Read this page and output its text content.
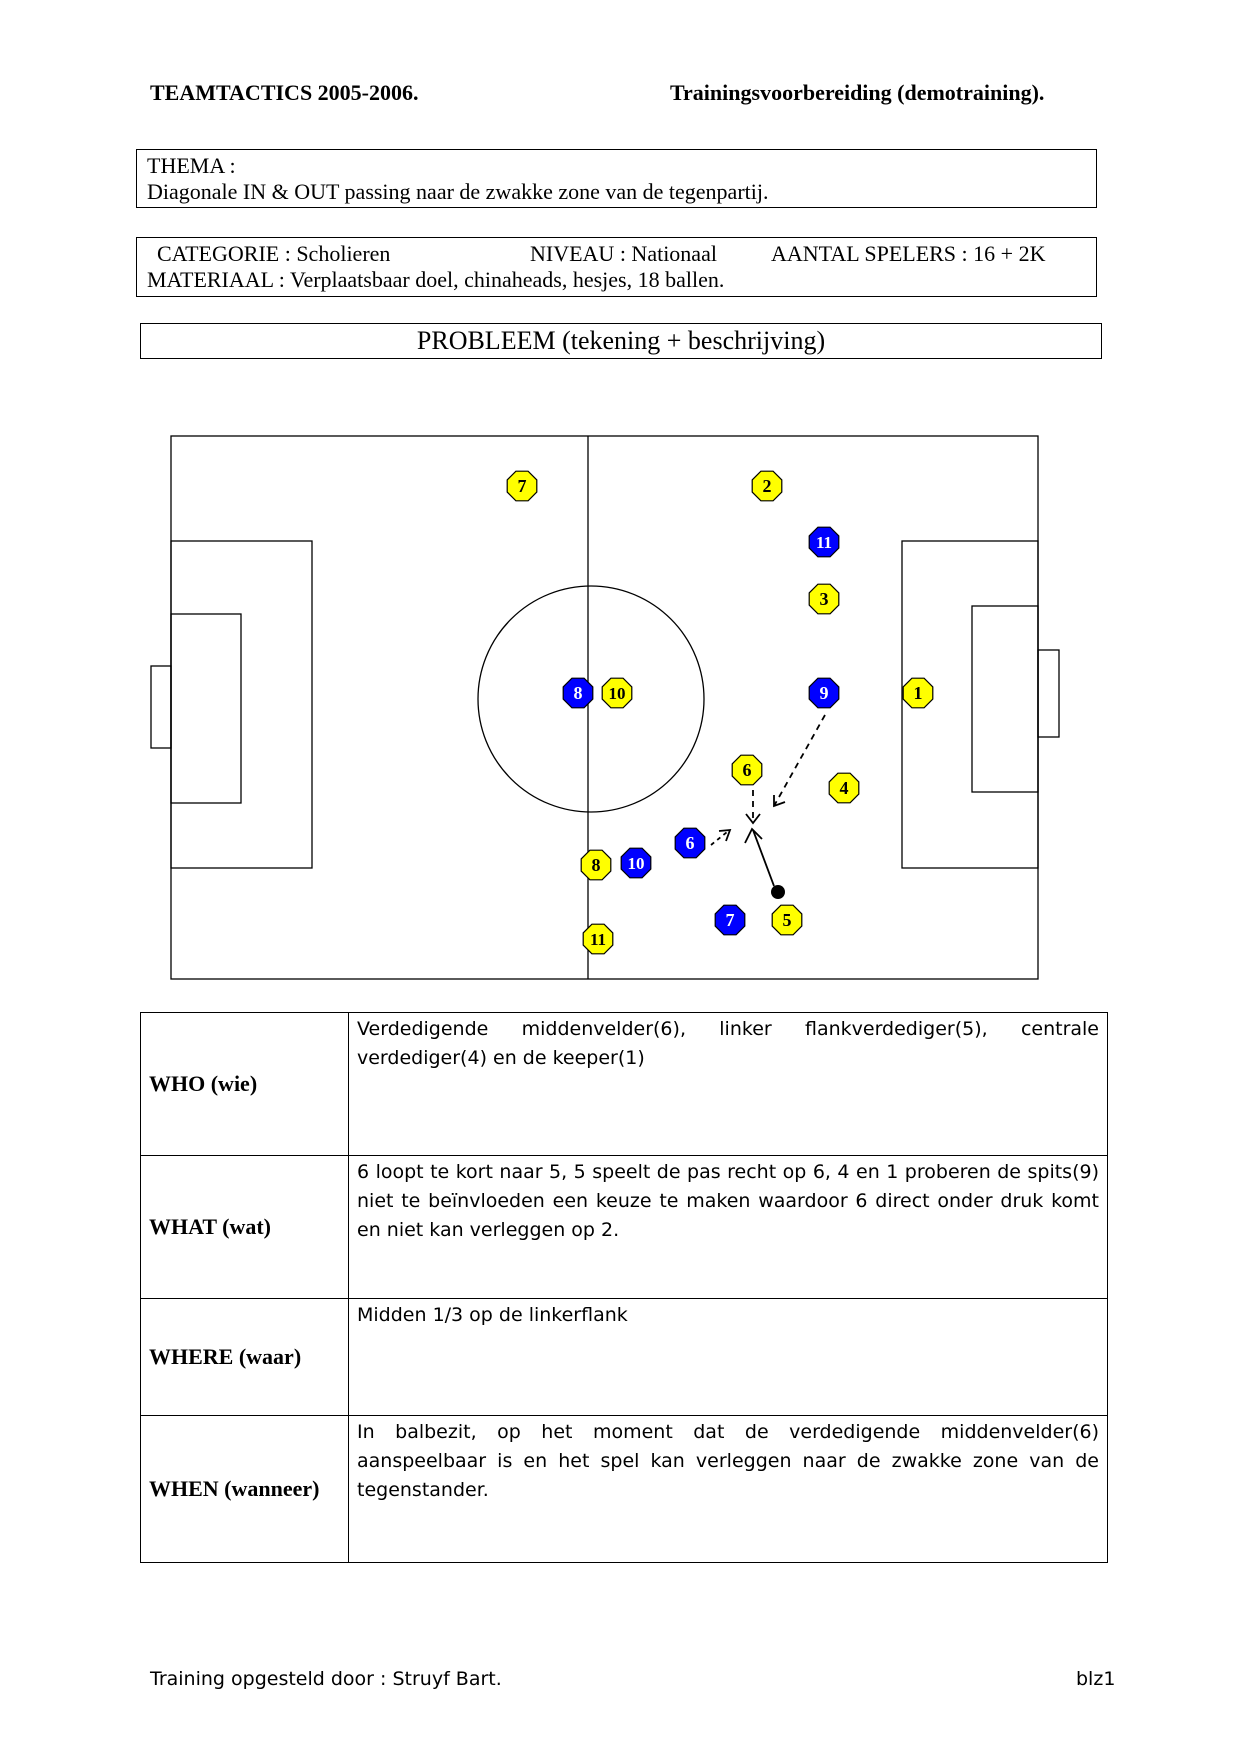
TEAMTACTICS 2005-2006.	Trainingsvoorbereiding (demotraining).
THEMA :
Diagonale IN & OUT passing naar de zwakke zone van de tegenpartij.
CATEGORIE : Scholieren	NIVEAU : Nationaal AANTAL SPELERS : 16 + 2K
MATERIAAL : Verplaatsbaar doel, chinaheads, hesjes, 18 ballen.
PROBLEEM (tekening + beschrijving)
7	2
11
3
8 10	9	1
6
4
6
8 10
7	5
11
WHO (wie)	Verdedigende middenvelder(6), linker flankverdediger(5), centrale verdediger(4) en de keeper(1)
WHAT (wat)	6 loopt te kort naar 5, 5 speelt de pas recht op 6, 4 en 1 proberen de spits(9) niet te beïnvloeden een keuze te maken waardoor 6 direct onder druk komt en niet kan verleggen op 2.
WHERE (waar)	Midden 1/3 op de linkerflank
WHEN (wanneer)	In balbezit, op het moment dat de verdedigende middenvelder(6) aanspeelbaar is en het spel kan verleggen naar de zwakke zone van de tegenstander.
Training opgesteld door : Struyf Bart.	blz1
